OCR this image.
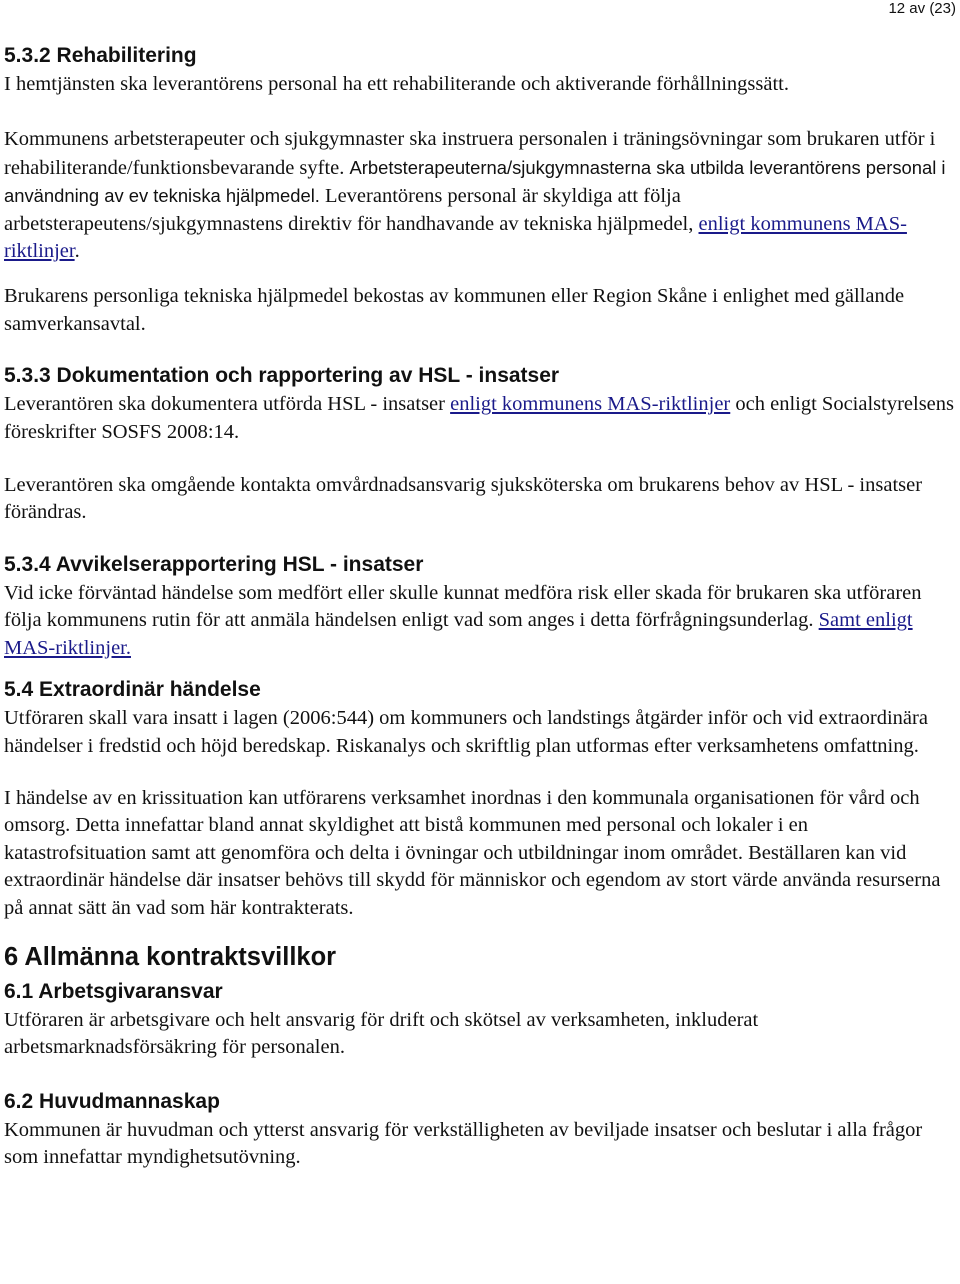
12 av (23)
5.3.2 Rehabilitering

I hemtjänsten ska leverantörens personal ha ett rehabiliterande och aktiverande förhållningssätt.

Kommunens arbetsterapeuter och sjukgymnaster ska instruera personalen i träningsövningar som brukaren utför i rehabiliterande/funktionsbevarande syfte. Arbetsterapeuterna/sjukgymnasterna ska utbilda leverantörens personal i användning av ev tekniska hjälpmedel. Leverantörens personal är skyldiga att följa arbetsterapeutens/sjukgymnastens direktiv för handhavande av tekniska hjälpmedel, enligt kommunens MAS-riktlinjer.

Brukarens personliga tekniska hjälpmedel bekostas av kommunen eller Region Skåne i enlighet med gällande samverkansavtal.

5.3.3 Dokumentation och rapportering av HSL - insatser

Leverantören ska dokumentera utförda HSL - insatser enligt kommunens MAS-riktlinjer och enligt Socialstyrelsens föreskrifter SOSFS 2008:14.

Leverantören ska omgående kontakta omvårdnadsansvarig sjuksköterska om brukarens behov av HSL - insatser förändras.

5.3.4 Avvikelserapportering HSL - insatser

Vid icke förväntad händelse som medfört eller skulle kunnat medföra risk eller skada för brukaren ska utföraren följa kommunens rutin för att anmäla händelsen enligt vad som anges i detta förfrågningsunderlag. Samt enligt MAS-riktlinjer.

5.4 Extraordinär händelse

Utföraren skall vara insatt i lagen (2006:544) om kommuners och landstings åtgärder inför och vid extraordinära händelser i fredstid och höjd beredskap. Riskanalys och skriftlig plan utformas efter verksamhetens omfattning.

I händelse av en krissituation kan utförarens verksamhet inordnas i den kommunala organisationen för vård och omsorg. Detta innefattar bland annat skyldighet att bistå kommunen med personal och lokaler i en katastrofsituation samt att genomföra och delta i övningar och utbildningar inom området. Beställaren kan vid extraordinär händelse där insatser behövs till skydd för människor och egendom av stort värde använda resurserna på annat sätt än vad som här kontrakterats.

6 Allmänna kontraktsvillkor
6.1 Arbetsgivaransvar

Utföraren är arbetsgivare och helt ansvarig för drift och skötsel av verksamheten, inkluderat arbetsmarknadsförsäkring för personalen.

6.2 Huvudmannaskap

Kommunen är huvudman och ytterst ansvarig för verkställigheten av beviljade insatser och beslutar i alla frågor som innefattar myndighetsutövning.
